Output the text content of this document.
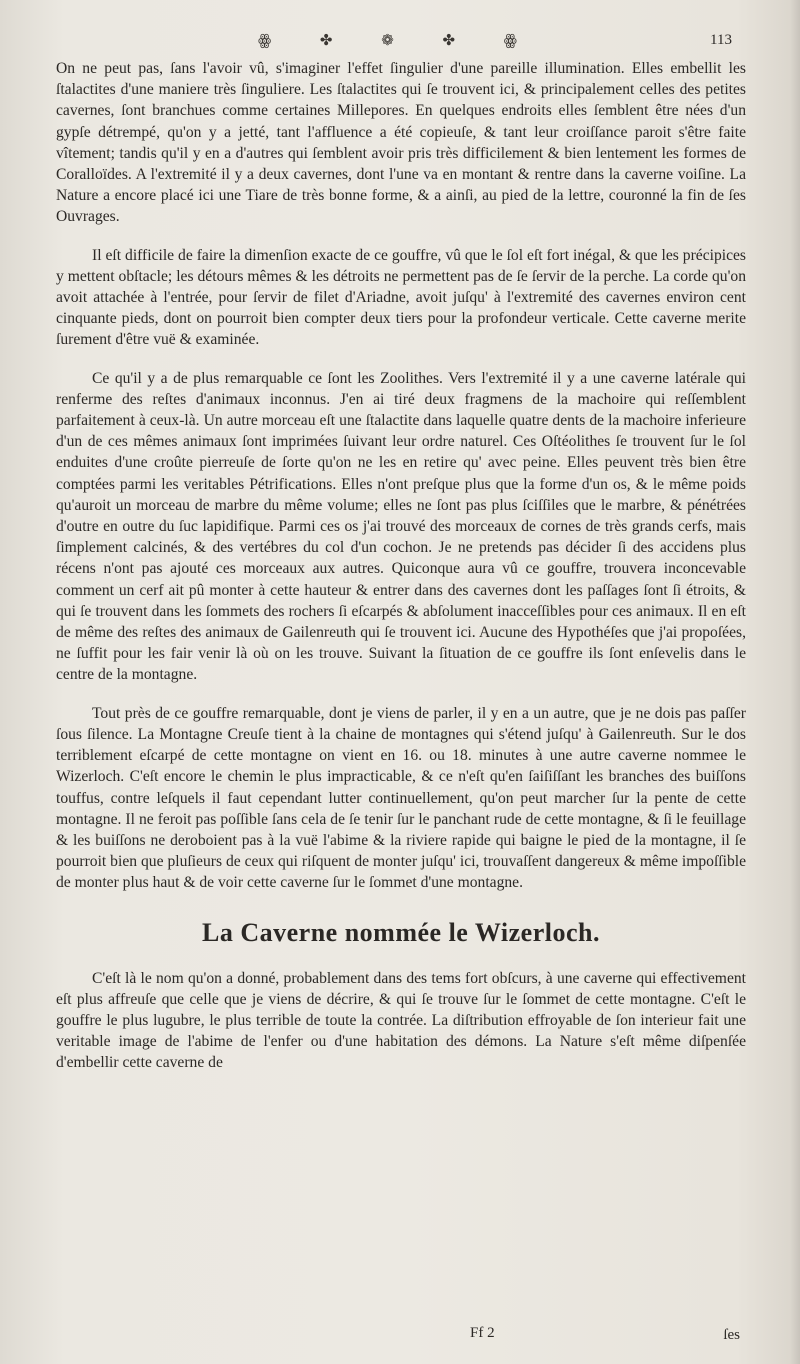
ꙮ	✤	❁	✤	ꙮ	113

On ne peut pas, ſans l'avoir vû, s'imaginer l'effet ſingulier d'une pareille illumination. Elles embellit les ſtalactites d'une maniere très ſinguliere. Les ſtalactites qui ſe trouvent ici, & principalement celles des petites cavernes, ſont branchues comme certaines Millepores. En quelques endroits elles ſemblent être nées d'un gypſe détrempé, qu'on y a jetté, tant l'affluence a été copieuſe, & tant leur croiſſance paroit s'être faite vîtement; tandis qu'il y en a d'autres qui ſemblent avoir pris très difficilement & bien lentement les formes de Coralloïdes. A l'extremité il y a deux cavernes, dont l'une va en montant & rentre dans la caverne voiſine. La Nature a encore placé ici une Tiare de très bonne forme, & a ainſi, au pied de la lettre, couronné la fin de ſes Ouvrages.

Il eſt difficile de faire la dimenſion exacte de ce gouffre, vû que le ſol eſt fort inégal, & que les précipices y mettent obſtacle; les détours mêmes & les détroits ne permettent pas de ſe ſervir de la perche. La corde qu'on avoit attachée à l'entrée, pour ſervir de filet d'Ariadne, avoit juſqu' à l'extremité des cavernes environ cent cinquante pieds, dont on pourroit bien compter deux tiers pour la profondeur verticale. Cette caverne merite ſurement d'être vuë & examinée.

Ce qu'il y a de plus remarquable ce ſont les Zoolithes. Vers l'extremité il y a une caverne latérale qui renferme des reſtes d'animaux inconnus. J'en ai tiré deux fragmens de la machoire qui reſſemblent parfaitement à ceux-là. Un autre morceau eſt une ſtalactite dans laquelle quatre dents de la machoire inferieure d'un de ces mêmes animaux ſont imprimées ſuivant leur ordre naturel. Ces Oſtéolithes ſe trouvent ſur le ſol enduites d'une croûte pierreuſe de ſorte qu'on ne les en retire qu' avec peine. Elles peuvent très bien être comptées parmi les veritables Pétrifications. Elles n'ont preſque plus que la forme d'un os, & le même poids qu'auroit un morceau de marbre du même volume; elles ne ſont pas plus ſciſſiles que le marbre, & pénétrées d'outre en outre du ſuc lapidifique. Parmi ces os j'ai trouvé des morceaux de cornes de très grands cerfs, mais ſimplement calcinés, & des vertébres du col d'un cochon. Je ne pretends pas décider ſi des accidens plus récens n'ont pas ajouté ces morceaux aux autres. Quiconque aura vû ce gouffre, trouvera inconcevable comment un cerf ait pû monter à cette hauteur & entrer dans des cavernes dont les paſſages ſont ſi étroits, & qui ſe trouvent dans les ſommets des rochers ſi eſcarpés & abſolument inacceſſibles pour ces animaux. Il en eſt de même des reſtes des animaux de Gailenreuth qui ſe trouvent ici. Aucune des Hypothéſes que j'ai propoſées, ne ſuffit pour les fair venir là où on les trouve. Suivant la ſituation de ce gouffre ils ſont enſevelis dans le centre de la montagne.

Tout près de ce gouffre remarquable, dont je viens de parler, il y en a un autre, que je ne dois pas paſſer ſous ſilence. La Montagne Creuſe tient à la chaine de montagnes qui s'étend juſqu' à Gailenreuth. Sur le dos terriblement eſcarpé de cette montagne on vient en 16. ou 18. minutes à une autre caverne nommee le Wizerloch. C'eſt encore le chemin le plus impracticable, & ce n'eſt qu'en ſaiſiſſant les branches des buiſſons touffus, contre leſquels il faut cependant lutter continuellement, qu'on peut marcher ſur la pente de cette montagne. Il ne feroit pas poſſible ſans cela de ſe tenir ſur le panchant rude de cette montagne, & ſi le feuillage & les buiſſons ne deroboient pas à la vuë l'abime & la riviere rapide qui baigne le pied de la montagne, il ſe pourroit bien que pluſieurs de ceux qui riſquent de monter juſqu' ici, trouvaſſent dangereux & même impoſſible de monter plus haut & de voir cette caverne ſur le ſommet d'une montagne.

La Caverne nommée le Wizerloch.

C'eſt là le nom qu'on a donné, probablement dans des tems fort obſcurs, à une caverne qui effectivement eſt plus affreuſe que celle que je viens de décrire, & qui ſe trouve ſur le ſommet de cette montagne. C'eſt le gouffre le plus lugubre, le plus terrible de toute la contrée. La diſtribution effroyable de ſon interieur fait une veritable image de l'abime de l'enfer ou d'une habitation des démons. La Nature s'eſt même diſpenſée d'embellir cette caverne de

Ff 2	ſes
